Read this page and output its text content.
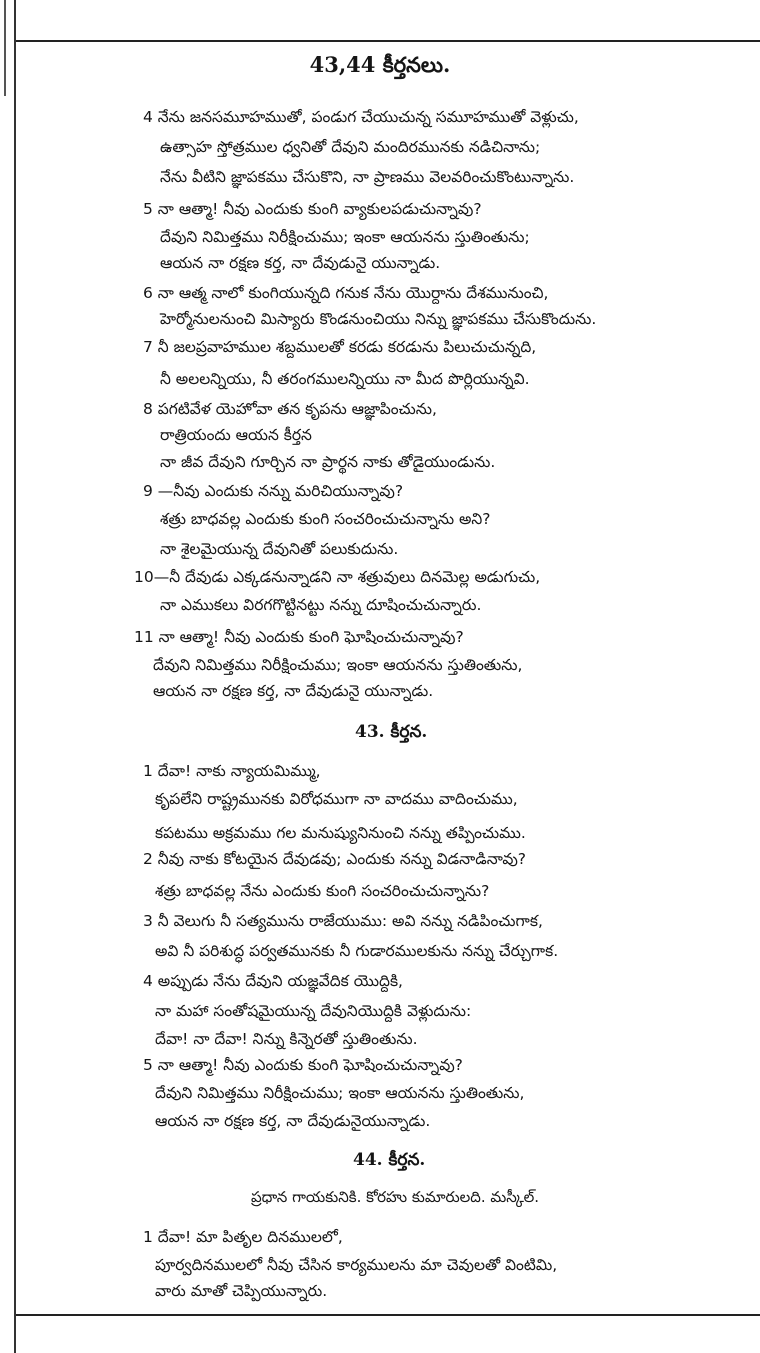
43,44 కీర్తనలు.
4 నేను జనసమూహముతో, పండుగ చేయుచున్న సమూహముతో వెళ్లుచు,
ఉత్సాహ స్తోత్రముల ధ్వనితో దేవుని మందిరమునకు నడిచినాను;
నేను వీటిని జ్ఞాపకము చేసుకొని, నా ప్రాణము వెలవరించుకొంటున్నాను.
5 నా ఆత్మా! నీవు ఎందుకు కుంగి వ్యాకులపడుచున్నావు?
దేవుని నిమిత్తము నిరీక్షించుము; ఇంకా ఆయనను స్తుతింతును;
ఆయన నా రక్షణ కర్త, నా దేవుడునై యున్నాడు.
6 నా ఆత్మ నాలో కుంగియున్నది గనుక నేను యొర్దాను దేశమునుంచి,
హెర్మోనులనుంచి మిస్యారు కొండనుంచియు నిన్ను జ్ఞాపకము చేసుకొందును.
7 నీ జలప్రవాహముల శబ్దములతో కరడు కరడును పిలుచుచున్నది,
నీ అలలన్నియు, నీ తరంగములన్నియు నా మీద పొర్లియున్నవి.
8 పగటివేళ యెహోవా తన కృపను ఆజ్ఞాపించును,
రాత్రియందు ఆయన కీర్తన
నా జీవ దేవుని గూర్చిన నా ప్రార్థన నాకు తోడైయుండును.
9 —నీవు ఎందుకు నన్ను మరిచియున్నావు?
శత్రు బాధవల్ల ఎందుకు కుంగి సంచరించుచున్నాను అని?
నా శైలమైయున్న దేవునితో పలుకుదును.
10—నీ దేవుడు ఎక్కడనున్నాడని నా శత్రువులు దినమెల్ల అడుగుచు,
నా ఎముకలు విరగగొట్టినట్టు నన్ను దూషించుచున్నారు.
11 నా ఆత్మా! నీవు ఎందుకు కుంగి ఘోషించుచున్నావు?
దేవుని నిమిత్తము నిరీక్షించుము; ఇంకా ఆయనను స్తుతింతును,
ఆయన నా రక్షణ కర్త, నా దేవుడునై యున్నాడు.
43. కీర్తన.
1 దేవా! నాకు న్యాయమిమ్ము,
కృపలేని రాష్ట్రమునకు విరోధముగా నా వాదము వాదించుము,
కపటము అక్రమము గల మనుష్యునినుంచి నన్ను తప్పించుము.
2 నీవు నాకు కోటయైన దేవుడవు; ఎందుకు నన్ను విడనాడినావు?
శత్రు బాధవల్ల నేను ఎందుకు కుంగి సంచరించుచున్నాను?
3 నీ వెలుగు నీ సత్యమును రాజేయుము: అవి నన్ను నడిపించుగాక,
అవి నీ పరిశుద్ధ పర్వతమునకు నీ గుడారములకును నన్ను చేర్చుగాక.
4 అప్పుడు నేను దేవుని యజ్ఞవేదిక యొద్దికి,
నా మహా సంతోషమైయున్న దేవునియొద్దికి వెళ్లుదును:
దేవా! నా దేవా! నిన్ను కిన్నెరతో స్తుతింతును.
5 నా ఆత్మా! నీవు ఎందుకు కుంగి ఘోషించుచున్నావు?
దేవుని నిమిత్తము నిరీక్షించుము; ఇంకా ఆయనను స్తుతింతును,
ఆయన నా రక్షణ కర్త, నా దేవుడునైయున్నాడు.
44. కీర్తన.
ప్రధాన గాయకునికి. కోరహు కుమారులది. మస్కీల్.
1 దేవా! మా పితృల దినములలో,
పూర్వదినములలో నీవు చేసిన కార్యములను మా చెవులతో వింటిమి,
వారు మాతో చెప్పియున్నారు.
